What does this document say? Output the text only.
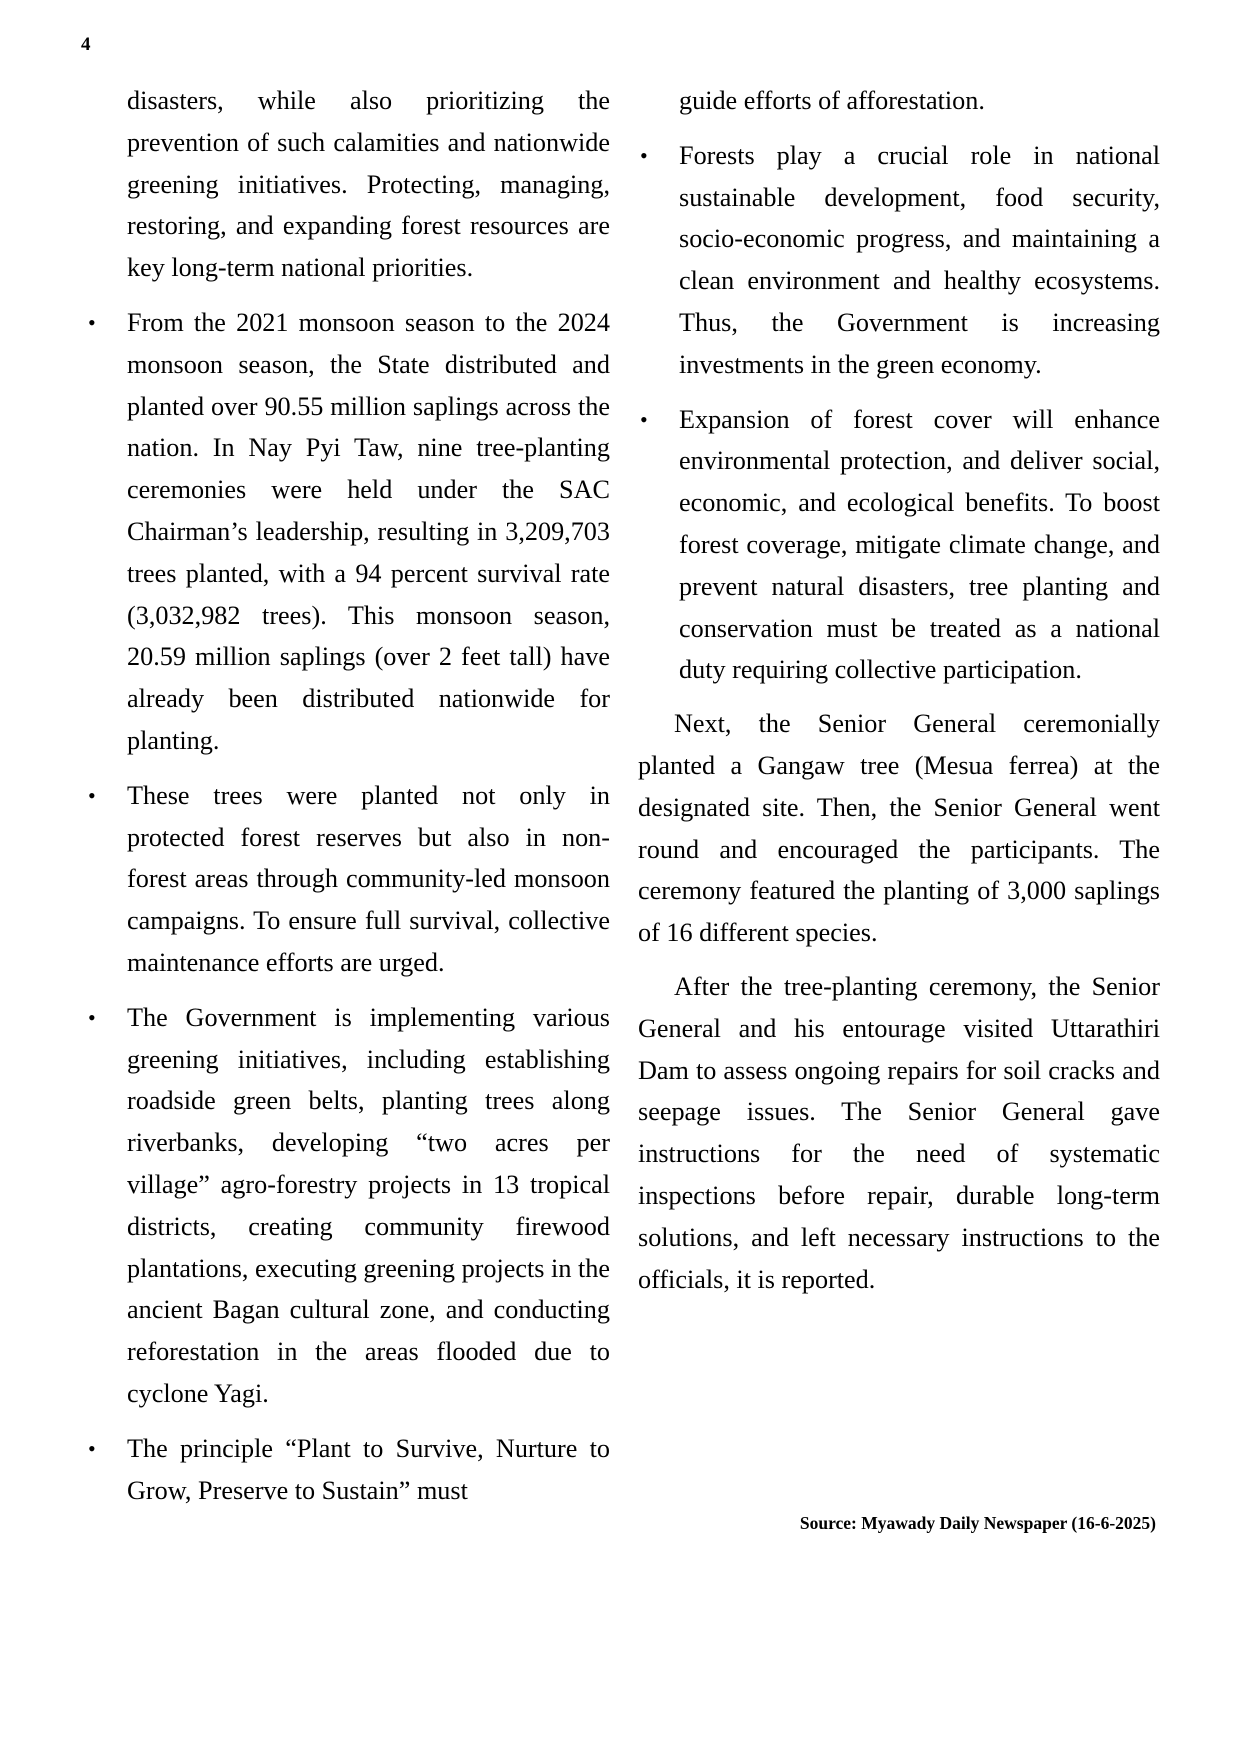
4

disasters, while also prioritizing the prevention of such calamities and nationwide greening initiatives. Protecting, managing, restoring, and expanding forest resources are key long-term national priorities.

• From the 2021 monsoon season to the 2024 monsoon season, the State distributed and planted over 90.55 million saplings across the nation. In Nay Pyi Taw, nine tree-planting ceremonies were held under the SAC Chairman’s leadership, resulting in 3,209,703 trees planted, with a 94 percent survival rate (3,032,982 trees). This monsoon season, 20.59 million saplings (over 2 feet tall) have already been distributed nationwide for planting.
• These trees were planted not only in protected forest reserves but also in non-forest areas through community-led monsoon campaigns. To ensure full survival, collective maintenance efforts are urged.
• The Government is implementing various greening initiatives, including establishing roadside green belts, planting trees along riverbanks, developing “two acres per village” agro-forestry projects in 13 tropical districts, creating community firewood plantations, executing greening projects in the ancient Bagan cultural zone, and conducting reforestation in the areas flooded due to cyclone Yagi.
• The principle “Plant to Survive, Nurture to Grow, Preserve to Sustain” must

guide efforts of afforestation.

• Forests play a crucial role in national sustainable development, food security, socio-economic progress, and maintaining a clean environment and healthy ecosystems. Thus, the Government is increasing investments in the green economy.
• Expansion of forest cover will enhance environmental protection, and deliver social, economic, and ecological benefits. To boost forest coverage, mitigate climate change, and prevent natural disasters, tree planting and conservation must be treated as a national duty requiring collective participation.

Next, the Senior General ceremonially planted a Gangaw tree (Mesua ferrea) at the designated site. Then, the Senior General went round and encouraged the participants. The ceremony featured the planting of 3,000 saplings of 16 different species.

After the tree-planting ceremony, the Senior General and his entourage visited Uttarathiri Dam to assess ongoing repairs for soil cracks and seepage issues. The Senior General gave instructions for the need of systematic inspections before repair, durable long-term solutions, and left necessary instructions to the officials, it is reported.

Source: Myawady Daily Newspaper (16-6-2025)
